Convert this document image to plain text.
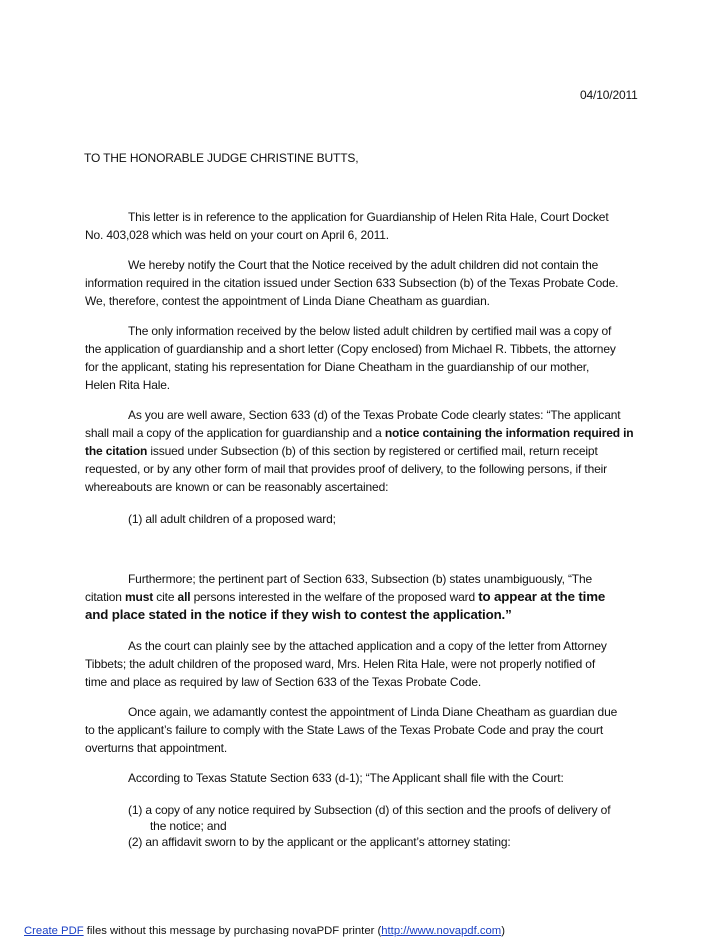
04/10/2011
TO THE HONORABLE JUDGE CHRISTINE BUTTS,
This letter is in reference to the application for Guardianship of Helen Rita Hale, Court Docket
No. 403,028 which was held on your court on April 6, 2011.
We hereby notify the Court that the Notice received by the adult children did not contain the
information required in the citation issued under Section 633 Subsection (b) of the Texas Probate Code.
We, therefore, contest the appointment of Linda Diane Cheatham as guardian.
The only information received by the below listed adult children by certified mail was a copy of
the application of guardianship and a short letter (Copy enclosed) from Michael R. Tibbets, the attorney
for the applicant, stating his representation for Diane Cheatham in the guardianship of our mother,
Helen Rita Hale.
As you are well aware, Section 633 (d) of the Texas Probate Code clearly states: “The applicant
shall mail a copy of the application for guardianship and a notice containing the information required in
the citation issued under Subsection (b) of this section by registered or certified mail, return receipt
requested, or by any other form of mail that provides proof of delivery, to the following persons, if their
whereabouts are known or can be reasonably ascertained:
(1) all adult children of a proposed ward;
Furthermore; the pertinent part of Section 633, Subsection (b) states unambiguously, “The
citation must cite all persons interested in the welfare of the proposed ward to appear at the time
and place stated in the notice if they wish to contest the application.”
As the court can plainly see by the attached application and a copy of the letter from Attorney
Tibbets; the adult children of the proposed ward, Mrs. Helen Rita Hale, were not properly notified of
time and place as required by law of Section 633 of the Texas Probate Code.
Once again, we adamantly contest the appointment of Linda Diane Cheatham as guardian due
to the applicant’s failure to comply with the State Laws of the Texas Probate Code and pray the court
overturns that appointment.
According to Texas Statute Section 633 (d-1); “The Applicant shall file with the Court:
(1) a copy of any notice required by Subsection (d) of this section and the proofs of delivery of
the notice; and
(2) an affidavit sworn to by the applicant or the applicant’s attorney stating:
Create PDF files without this message by purchasing novaPDF printer (http://www.novapdf.com)
